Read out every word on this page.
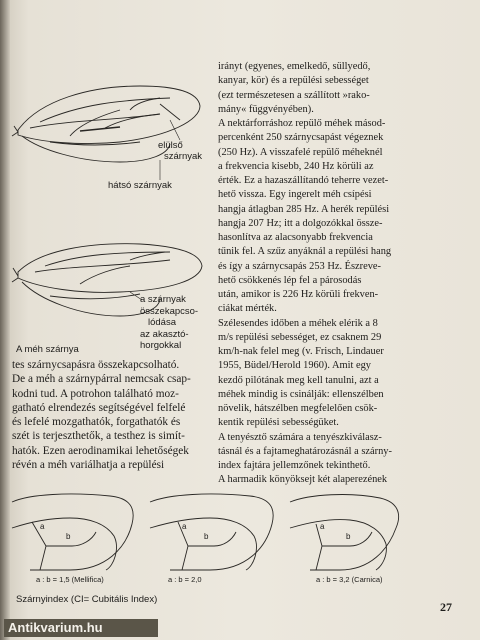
elülső
szárnyak
hátsó szárnyak
a szárnyak
összekapcsо-
lódása
az akasztó-
horgokkal
A méh szárnya

tes szárnycsapásra összekapcsolható.

De a méh a szárnypárral nemcsak csap-

kodni tud. A potrohon található moz-

gatható elrendezés segítségével felfelé

és lefelé mozgathatók, forgathatók és

szét is terjeszthetők, a testhez is simít-

hatók. Ezen aerodinamikai lehetőségek

révén a méh variálhatja a repülési

irányt (egyenes, emelkedő, süllyedő,

kanyar, kör) és a repülési sebességet

(ezt természetesen a szállított »rako-

mány« függvényében).

A nektárforráshoz repülő méhek másod-

percenként 250 szárnycsapást végeznek

(250 Hz). A visszafelé repülő méheknél

a frekvencia kisebb, 240 Hz körüli az

érték. Ez a hazaszállítandó teherre vezet-

hető vissza. Egy ingerelt méh csípési

hangja átlagban 285 Hz. A herék repülési

hangja 207 Hz; itt a dolgozókkal össze-

hasonlítva az alacsonyabb frekvencia

tűnik fel. A szűz anyáknál a repülési hang

és így a szárnycsapás 253 Hz. Észreve-

hető csökkenés lép fel a párosodás

után, amikor is 226 Hz körüli frekven-

ciákat mérték.

Szélesendes időben a méhek elérik a 8

m/s repülési sebességet, ez csaknem 29

km/h-nak felel meg (v. Frisch, Lindauer

1955, Büdel/Herold 1960). Amit egy

kezdő pilótának meg kell tanulni, azt a

méhek mindig is csinálják: ellenszélben

növelik, hátszélben megfelelően csök-

kentik repülési sebességüket.

A tenyésztő számára a tenyészkiválasz-

tásnál és a fajtameghatározásnál a szárny-

index fajtára jellemzőnek tekinthető.

A harmadik könyöksejt két alaperezének

a
b
a
b
a
b
a : b = 1,5 (Mellifica)	a : b = 2,0	a : b = 3,2 (Carnica)
Szárnyindex (CI= Cubitális Index)
27
Antikvarium.hu
